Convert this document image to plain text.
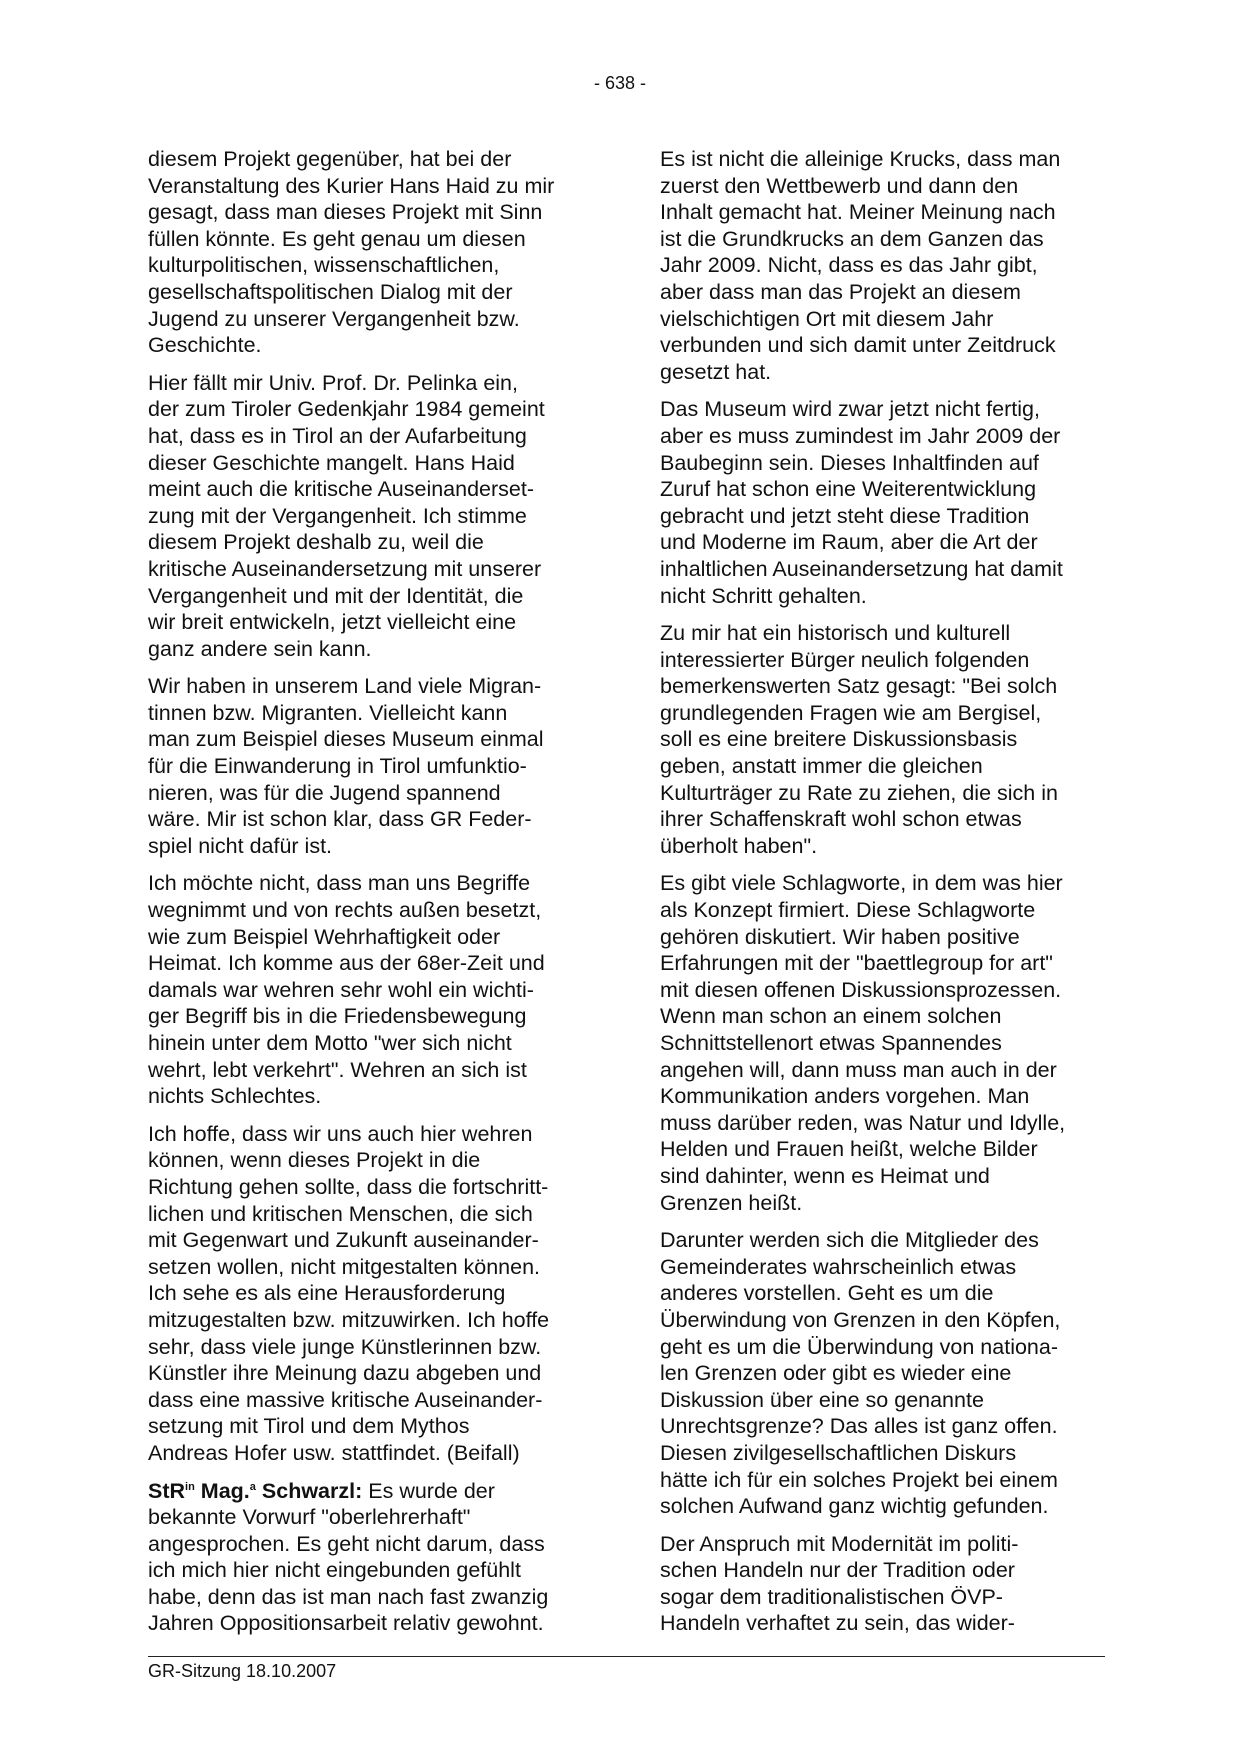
- 638 -

diesem Projekt gegenüber, hat bei der
Veranstaltung des Kurier Hans Haid zu mir
gesagt, dass man dieses Projekt mit Sinn
füllen könnte. Es geht genau um diesen
kulturpolitischen, wissenschaftlichen,
gesellschaftspolitischen Dialog mit der
Jugend zu unserer Vergangenheit bzw.
Geschichte.

Hier fällt mir Univ. Prof. Dr. Pelinka ein,
der zum Tiroler Gedenkjahr 1984 gemeint
hat, dass es in Tirol an der Aufarbeitung
dieser Geschichte mangelt. Hans Haid
meint auch die kritische Auseinanderset-
zung mit der Vergangenheit. Ich stimme
diesem Projekt deshalb zu, weil die
kritische Auseinandersetzung mit unserer
Vergangenheit und mit der Identität, die
wir breit entwickeln, jetzt vielleicht eine
ganz andere sein kann.

Wir haben in unserem Land viele Migran-
tinnen bzw. Migranten. Vielleicht kann
man zum Beispiel dieses Museum einmal
für die Einwanderung in Tirol umfunktio-
nieren, was für die Jugend spannend
wäre. Mir ist schon klar, dass GR Feder-
spiel nicht dafür ist.

Ich möchte nicht, dass man uns Begriffe
wegnimmt und von rechts außen besetzt,
wie zum Beispiel Wehrhaftigkeit oder
Heimat. Ich komme aus der 68er-Zeit und
damals war wehren sehr wohl ein wichti-
ger Begriff bis in die Friedensbewegung
hinein unter dem Motto "wer sich nicht
wehrt, lebt verkehrt". Wehren an sich ist
nichts Schlechtes.

Ich hoffe, dass wir uns auch hier wehren
können, wenn dieses Projekt in die
Richtung gehen sollte, dass die fortschritt-
lichen und kritischen Menschen, die sich
mit Gegenwart und Zukunft auseinander-
setzen wollen, nicht mitgestalten können.
Ich sehe es als eine Herausforderung
mitzugestalten bzw. mitzuwirken. Ich hoffe
sehr, dass viele junge Künstlerinnen bzw.
Künstler ihre Meinung dazu abgeben und
dass eine massive kritische Auseinander-
setzung mit Tirol und dem Mythos
Andreas Hofer usw. stattfindet. (Beifall)

StR$^{in}$ Mag.$^a$ Schwarzl: Es wurde der
bekannte Vorwurf "oberlehrerhaft"
angesprochen. Es geht nicht darum, dass
ich mich hier nicht eingebunden gefühlt
habe, denn das ist man nach fast zwanzig
Jahren Oppositionsarbeit relativ gewohnt.

Es ist nicht die alleinige Krucks, dass man
zuerst den Wettbewerb und dann den
Inhalt gemacht hat. Meiner Meinung nach
ist die Grundkrucks an dem Ganzen das
Jahr 2009. Nicht, dass es das Jahr gibt,
aber dass man das Projekt an diesem
vielschichtigen Ort mit diesem Jahr
verbunden und sich damit unter Zeitdruck
gesetzt hat.

Das Museum wird zwar jetzt nicht fertig,
aber es muss zumindest im Jahr 2009 der
Baubeginn sein. Dieses Inhaltfinden auf
Zuruf hat schon eine Weiterentwicklung
gebracht und jetzt steht diese Tradition
und Moderne im Raum, aber die Art der
inhaltlichen Auseinandersetzung hat damit
nicht Schritt gehalten.

Zu mir hat ein historisch und kulturell
interessierter Bürger neulich folgenden
bemerkenswerten Satz gesagt: "Bei solch
grundlegenden Fragen wie am Bergisel,
soll es eine breitere Diskussionsbasis
geben, anstatt immer die gleichen
Kulturträger zu Rate zu ziehen, die sich in
ihrer Schaffenskraft wohl schon etwas
überholt haben".

Es gibt viele Schlagworte, in dem was hier
als Konzept firmiert. Diese Schlagworte
gehören diskutiert. Wir haben positive
Erfahrungen mit der "baettlegroup for art"
mit diesen offenen Diskussionsprozessen.
Wenn man schon an einem solchen
Schnittstellenort etwas Spannendes
angehen will, dann muss man auch in der
Kommunikation anders vorgehen. Man
muss darüber reden, was Natur und Idylle,
Helden und Frauen heißt, welche Bilder
sind dahinter, wenn es Heimat und
Grenzen heißt.

Darunter werden sich die Mitglieder des
Gemeinderates wahrscheinlich etwas
anderes vorstellen. Geht es um die
Überwindung von Grenzen in den Köpfen,
geht es um die Überwindung von nationa-
len Grenzen oder gibt es wieder eine
Diskussion über eine so genannte
Unrechtsgrenze? Das alles ist ganz offen.
Diesen zivilgesellschaftlichen Diskurs
hätte ich für ein solches Projekt bei einem
solchen Aufwand ganz wichtig gefunden.

Der Anspruch mit Modernität im politi-
schen Handeln nur der Tradition oder
sogar dem traditionalistischen ÖVP-
Handeln verhaftet zu sein, das wider-

GR-Sitzung 18.10.2007
